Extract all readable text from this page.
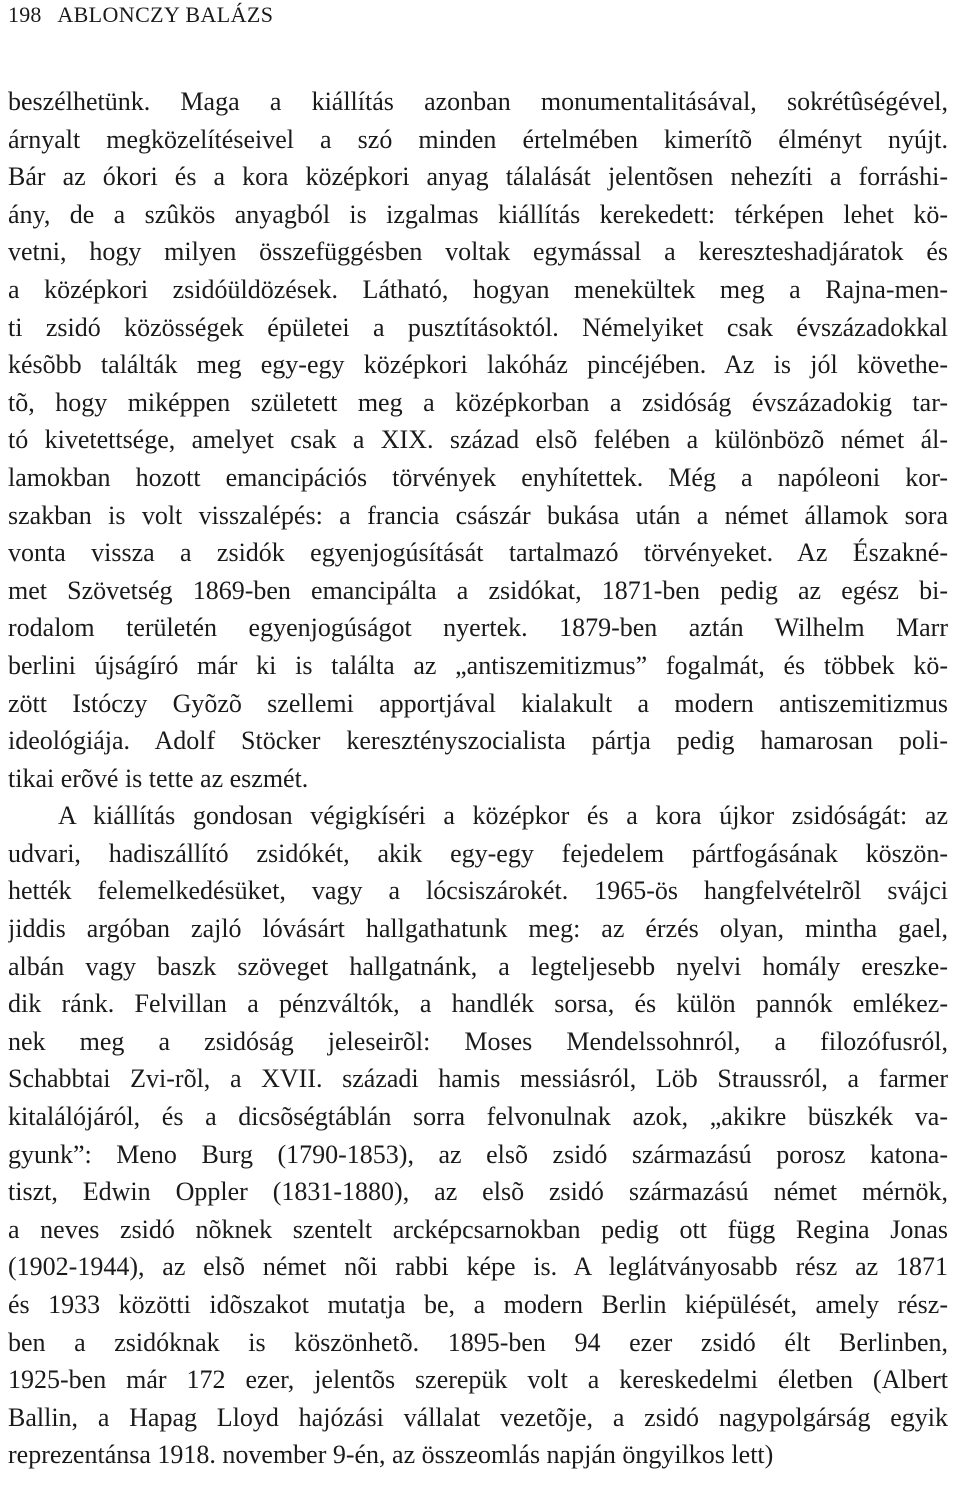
198 ABLONCZY BALÁZS
beszélhetünk. Maga a kiállítás azonban monumentalitásával, sokrétûségével,
árnyalt megközelítéseivel a szó minden értelmében kimerítõ élményt nyújt.
Bár az ókori és a kora középkori anyag tálalását jelentõsen nehezíti a forráshi-
ány, de a szûkös anyagból is izgalmas kiállítás kerekedett: térképen lehet kö-
vetni, hogy milyen összefüggésben voltak egymással a kereszteshadjáratok és
a középkori zsidóüldözések. Látható, hogyan menekültek meg a Rajna-men-
ti zsidó közösségek épületei a pusztításoktól. Némelyiket csak évszázadokkal
késõbb találták meg egy-egy középkori lakóház pincéjében. Az is jól követhe-
tõ, hogy miképpen született meg a középkorban a zsidóság évszázadokig tar-
tó kivetettsége, amelyet csak a XIX. század elsõ felében a különbözõ német ál-
lamokban hozott emancipációs törvények enyhítettek. Még a napóleoni kor-
szakban is volt visszalépés: a francia császár bukása után a német államok sora
vonta vissza a zsidók egyenjogúsítását tartalmazó törvényeket. Az Északné-
met Szövetség 1869-ben emancipálta a zsidókat, 1871-ben pedig az egész bi-
rodalom területén egyenjogúságot nyertek. 1879-ben aztán Wilhelm Marr
berlini újságíró már ki is találta az „antiszemitizmus” fogalmát, és többek kö-
zött Istóczy Gyõzõ szellemi apportjával kialakult a modern antiszemitizmus
ideológiája. Adolf Stöcker keresztényszocialista pártja pedig hamarosan poli-
tikai erõvé is tette az eszmét.
A kiállítás gondosan végigkíséri a középkor és a kora újkor zsidóságát: az
udvari, hadiszállító zsidókét, akik egy-egy fejedelem pártfogásának köszön-
hették felemelkedésüket, vagy a lócsiszárokét. 1965-ös hangfelvételrõl svájci
jiddis argóban zajló lóvásárt hallgathatunk meg: az érzés olyan, mintha gael,
albán vagy baszk szöveget hallgatnánk, a legteljesebb nyelvi homály ereszke-
dik ránk. Felvillan a pénzváltók, a handlék sorsa, és külön pannók emlékez-
nek meg a zsidóság jeleseirõl: Moses Mendelssohnról, a filozófusról,
Schabbtai Zvi-rõl, a XVII. századi hamis messiásról, Löb Straussról, a farmer
kitalálójáról, és a dicsõségtáblán sorra felvonulnak azok, „akikre büszkék va-
gyunk”: Meno Burg (1790-1853), az elsõ zsidó származású porosz katona-
tiszt, Edwin Oppler (1831-1880), az elsõ zsidó származású német mérnök,
a neves zsidó nõknek szentelt arcképcsarnokban pedig ott függ Regina Jonas
(1902-1944), az elsõ német nõi rabbi képe is. A leglátványosabb rész az 1871
és 1933 közötti idõszakot mutatja be, a modern Berlin kiépülését, amely rész-
ben a zsidóknak is köszönhetõ. 1895-ben 94 ezer zsidó élt Berlinben,
1925-ben már 172 ezer, jelentõs szerepük volt a kereskedelmi életben (Albert
Ballin, a Hapag Lloyd hajózási vállalat vezetõje, a zsidó nagypolgárság egyik
reprezentánsa 1918. november 9-én, az összeomlás napján öngyilkos lett)
